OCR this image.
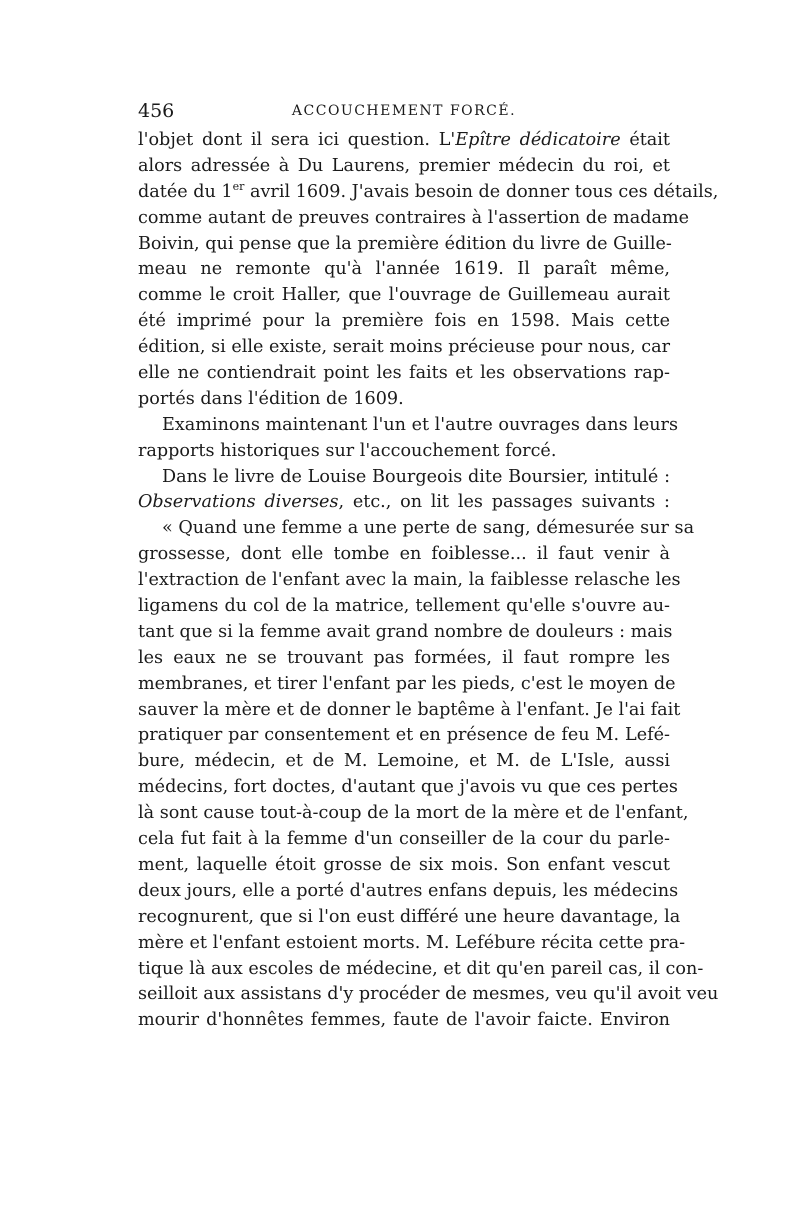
456	ACCOUCHEMENT FORCÉ.
l'objet dont il sera ici question. L'Epître dédicatoire était
alors adressée à Du Laurens, premier médecin du roi, et
datée du 1er avril 1609. J'avais besoin de donner tous ces détails,
comme autant de preuves contraires à l'assertion de madame
Boivin, qui pense que la première édition du livre de Guille-
meau ne remonte qu'à l'année 1619. Il paraît même,
comme le croit Haller, que l'ouvrage de Guillemeau aurait
été imprimé pour la première fois en 1598. Mais cette
édition, si elle existe, serait moins précieuse pour nous, car
elle ne contiendrait point les faits et les observations rap-
portés dans l'édition de 1609.
Examinons maintenant l'un et l'autre ouvrages dans leurs
rapports historiques sur l'accouchement forcé.
Dans le livre de Louise Bourgeois dite Boursier, intitulé :
Observations diverses, etc., on lit les passages suivants :
« Quand une femme a une perte de sang, démesurée sur sa
grossesse, dont elle tombe en foiblesse... il faut venir à
l'extraction de l'enfant avec la main, la faiblesse relasche les
ligamens du col de la matrice, tellement qu'elle s'ouvre au-
tant que si la femme avait grand nombre de douleurs : mais
les eaux ne se trouvant pas formées, il faut rompre les
membranes, et tirer l'enfant par les pieds, c'est le moyen de
sauver la mère et de donner le baptême à l'enfant. Je l'ai fait
pratiquer par consentement et en présence de feu M. Lefé-
bure, médecin, et de M. Lemoine, et M. de L'Isle, aussi
médecins, fort doctes, d'autant que j'avois vu que ces pertes
là sont cause tout-à-coup de la mort de la mère et de l'enfant,
cela fut fait à la femme d'un conseiller de la cour du parle-
ment, laquelle étoit grosse de six mois. Son enfant vescut
deux jours, elle a porté d'autres enfans depuis, les médecins
recognurent, que si l'on eust différé une heure davantage, la
mère et l'enfant estoient morts. M. Lefébure récita cette pra-
tique là aux escoles de médecine, et dit qu'en pareil cas, il con-
seilloit aux assistans d'y procéder de mesmes, veu qu'il avoit veu
mourir d'honnêtes femmes, faute de l'avoir faicte. Environ
